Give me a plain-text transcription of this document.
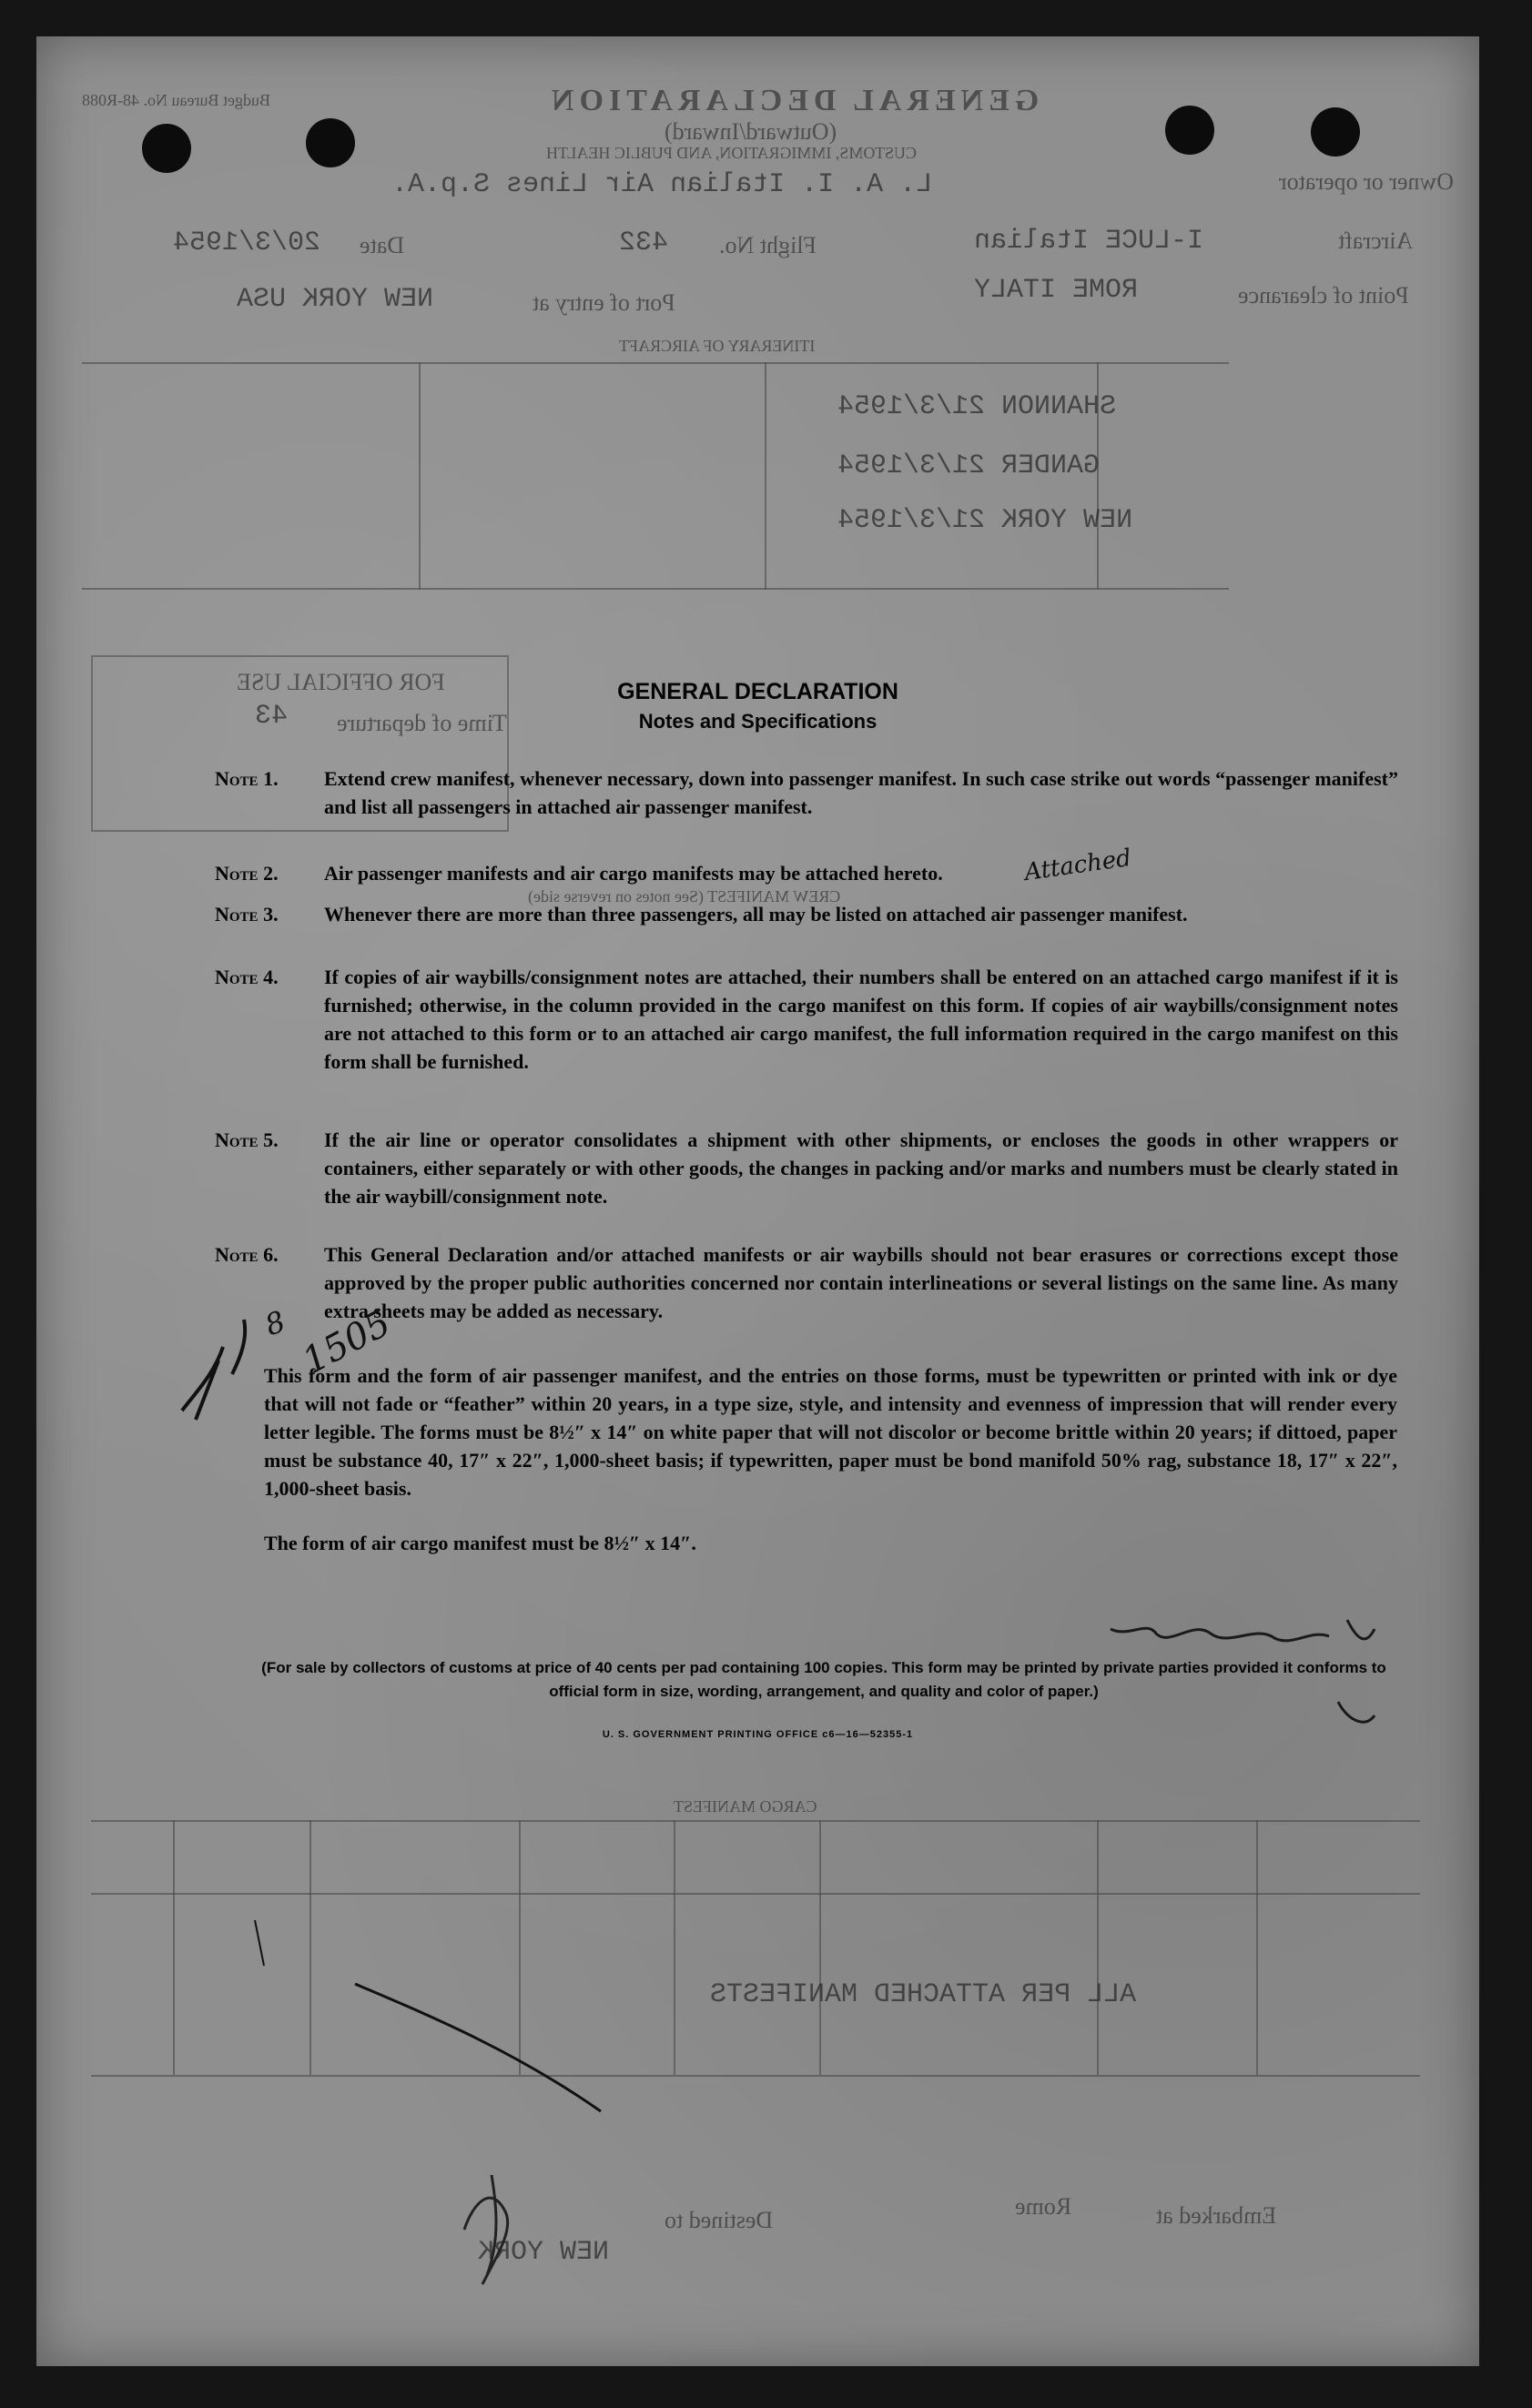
GENERAL DECLARATION
(Outward/Inward)
CUSTOMS, IMMIGRATION, AND PUBLIC HEALTH
Budget Bureau No. 48-R088
Owner or operator
L. A. I. Italian Air Lines S.p.A.
Aircraft
I-LUCE Italian
Flight No.
432
Date
20/3/1954
Point of clearance
ROME ITALY
Port of entry at
NEW YORK USA
ITINERARY OF AIRCRAFT
SHANNON 21/3/1954
GANDER 21/3/1954
NEW YORK 21/3/1954
FOR OFFICIAL USE
Time of departure
43
CREW MANIFEST (See notes on reverse side)
CARGO MANIFEST
ALL PER ATTACHED MANIFESTS
Embarked at
Rome
Destined to
NEW YORK
GENERAL DECLARATION
Notes and Specifications
Note 1.	Extend crew manifest, whenever necessary, down into passenger manifest. In such case strike out words “passenger manifest” and list all passengers in attached air passenger manifest.
Note 2.	Air passenger manifests and air cargo manifests may be attached hereto.
Note 3.	Whenever there are more than three passengers, all may be listed on attached air passenger manifest.
Note 4.	If copies of air waybills/consignment notes are attached, their numbers shall be entered on an attached cargo manifest if it is furnished; otherwise, in the column provided in the cargo manifest on this form. If copies of air waybills/consignment notes are not attached to this form or to an attached air cargo manifest, the full information required in the cargo manifest on this form shall be furnished.
Note 5.	If the air line or operator consolidates a shipment with other shipments, or encloses the goods in other wrappers or containers, either separately or with other goods, the changes in packing and/or marks and numbers must be clearly stated in the air waybill/consignment note.
Note 6.	This General Declaration and/or attached manifests or air waybills should not bear erasures or corrections except those approved by the proper public authorities concerned nor contain interlineations or several listings on the same line. As many extra sheets may be added as necessary.
This form and the form of air passenger manifest, and the entries on those forms, must be typewritten or printed with ink or dye that will not fade or “feather” within 20 years, in a type size, style, and intensity and evenness of impression that will render every letter legible. The forms must be 8½″ x 14″ on white paper that will not discolor or become brittle within 20 years; if dittoed, paper must be substance 40, 17″ x 22″, 1,000-sheet basis; if typewritten, paper must be bond manifold 50% rag, substance 18, 17″ x 22″, 1,000-sheet basis.
The form of air cargo manifest must be 8½″ x 14″.
(For sale by collectors of customs at price of 40 cents per pad containing 100 copies. This form may be printed by private parties provided it conforms to official form in size, wording, arrangement, and quality and color of paper.)
U. S. GOVERNMENT PRINTING OFFICE c6—16—52355-1
Attached
1505
8
